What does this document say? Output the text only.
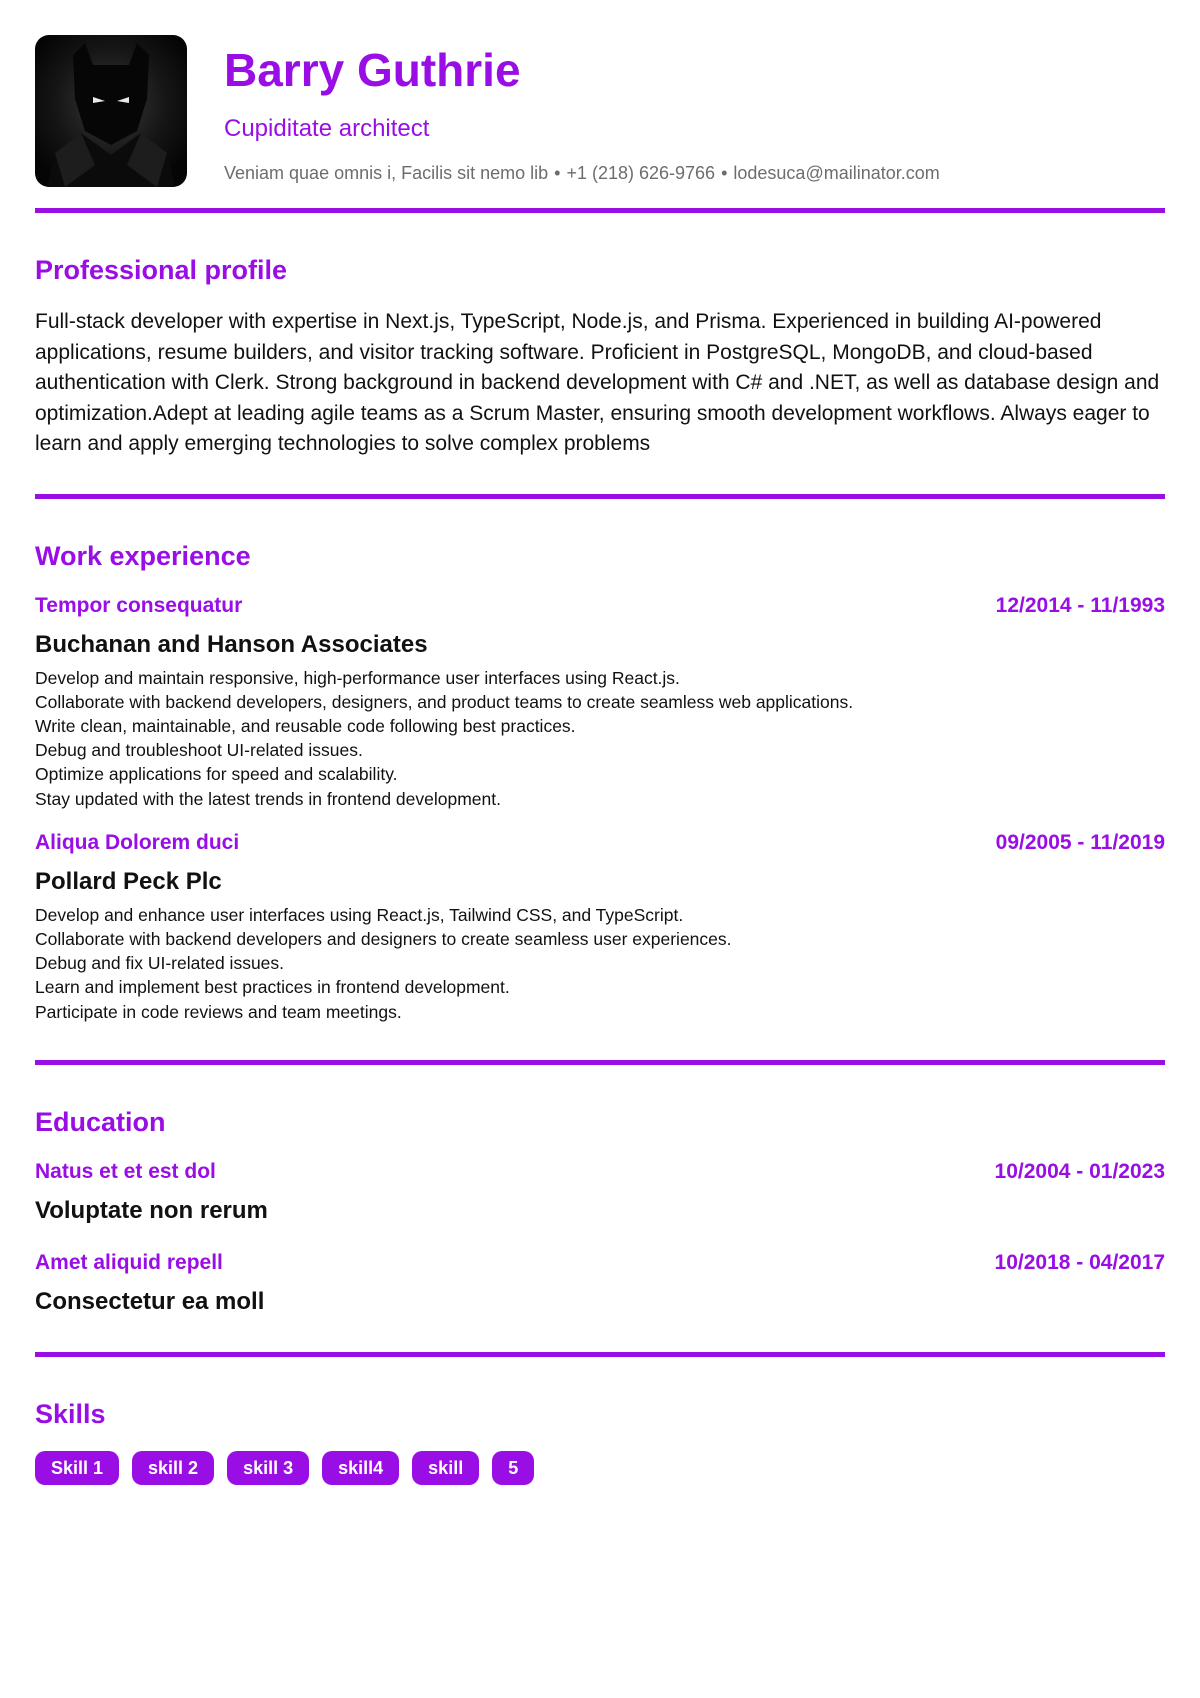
Barry Guthrie
Cupiditate architect
Veniam quae omnis i, Facilis sit nemo lib • +1 (218) 626-9766 • lodesuca@mailinator.com
Professional profile

Full-stack developer with expertise in Next.js, TypeScript, Node.js, and Prisma. Experienced in building AI-powered applications, resume builders, and visitor tracking software. Proficient in PostgreSQL, MongoDB, and cloud-based authentication with Clerk. Strong background in backend development with C# and .NET, as well as database design and optimization.Adept at leading agile teams as a Scrum Master, ensuring smooth development workflows. Always eager to learn and apply emerging technologies to solve complex problems

Work experience
Tempor consequatur	12/2014 - 11/1993
Buchanan and Hanson Associates
Develop and maintain responsive, high-performance user interfaces using React.js.
Collaborate with backend developers, designers, and product teams to create seamless web applications.
Write clean, maintainable, and reusable code following best practices.
Debug and troubleshoot UI-related issues.
Optimize applications for speed and scalability.
Stay updated with the latest trends in frontend development.
Aliqua Dolorem duci	09/2005 - 11/2019
Pollard Peck Plc
Develop and enhance user interfaces using React.js, Tailwind CSS, and TypeScript.
Collaborate with backend developers and designers to create seamless user experiences.
Debug and fix UI-related issues.
Learn and implement best practices in frontend development.
Participate in code reviews and team meetings.
Education
Natus et et est dol	10/2004 - 01/2023
Voluptate non rerum
Amet aliquid repell	10/2018 - 04/2017
Consectetur ea moll
Skills
Skill 1	skill 2	skill 3	skill4	skill	5
